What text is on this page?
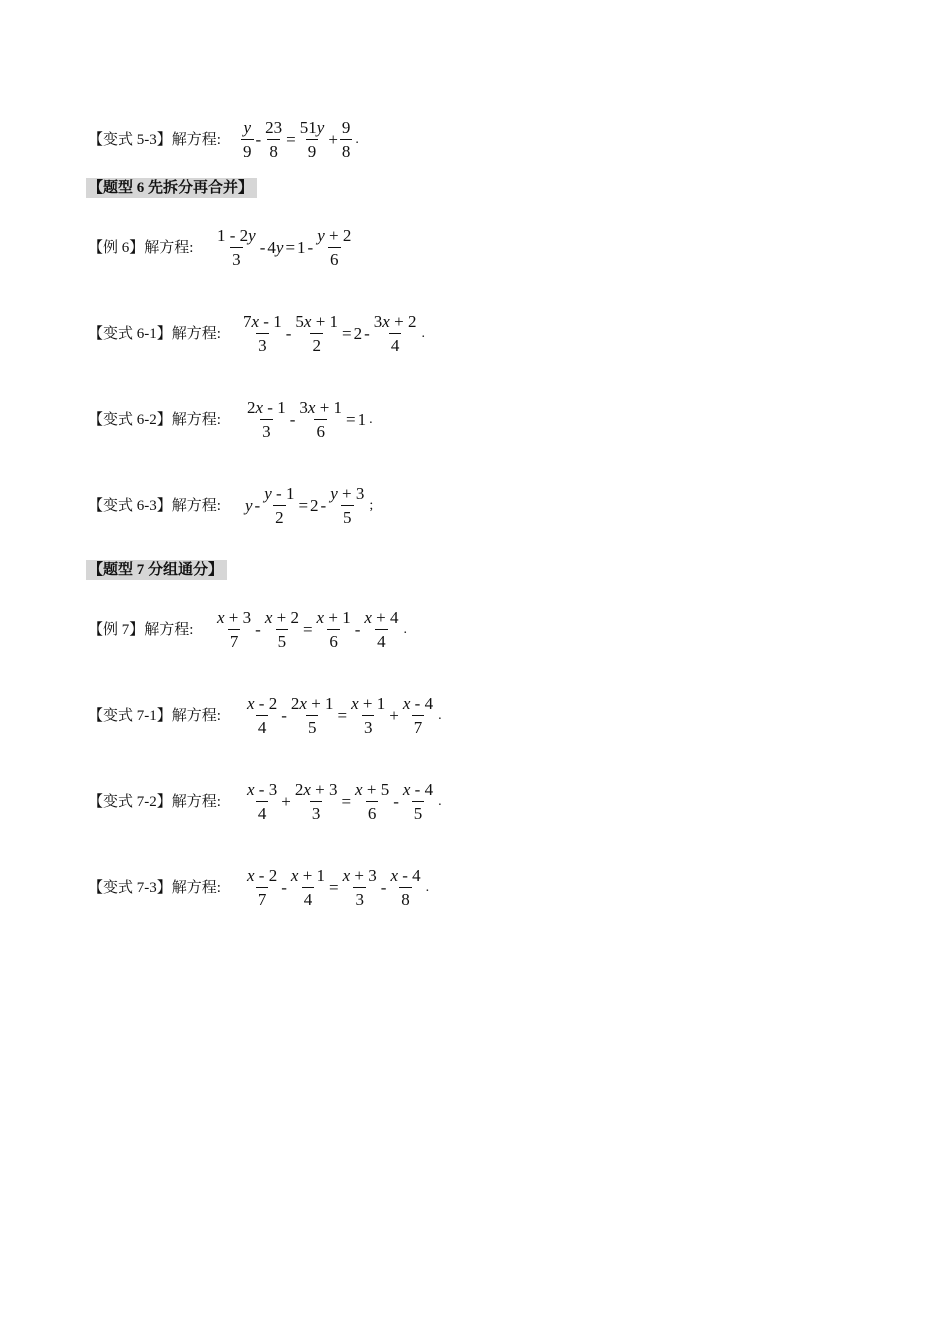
【题型 6 先拆分再合并】
【题型 7 分组通分】
【变式 5-3】解方程: $\frac{y}{9} - \frac{23}{8} = \frac{51y}{9} + \frac{9}{8}$ .
【例 6】解方程: $\frac{1 - 2y}{3} - 4y = 1 - \frac{y + 2}{6}$
【变式 6-1】解方程: $\frac{7x - 1}{3} - \frac{5x + 1}{2} = 2 - \frac{3x + 2}{4}$ .
【变式 6-2】解方程: $\frac{2x - 1}{3} - \frac{3x + 1}{6} = 1$ .
【变式 6-3】解方程: $y - \frac{y - 1}{2} = 2 - \frac{y + 3}{5}$ ;
【例 7】解方程: $\frac{x + 3}{7} - \frac{x + 2}{5} = \frac{x + 1}{6} - \frac{x + 4}{4}$ .
【变式 7-1】解方程: $\frac{x - 2}{4} - \frac{2x + 1}{5} = \frac{x + 1}{3} + \frac{x - 4}{7}$ .
【变式 7-2】解方程: $\frac{x - 3}{4} + \frac{2x + 3}{3} = \frac{x + 5}{6} - \frac{x - 4}{5}$ .
【变式 7-3】解方程: $\frac{x - 2}{7} - \frac{x + 1}{4} = \frac{x + 3}{3} - \frac{x - 4}{8}$ .
